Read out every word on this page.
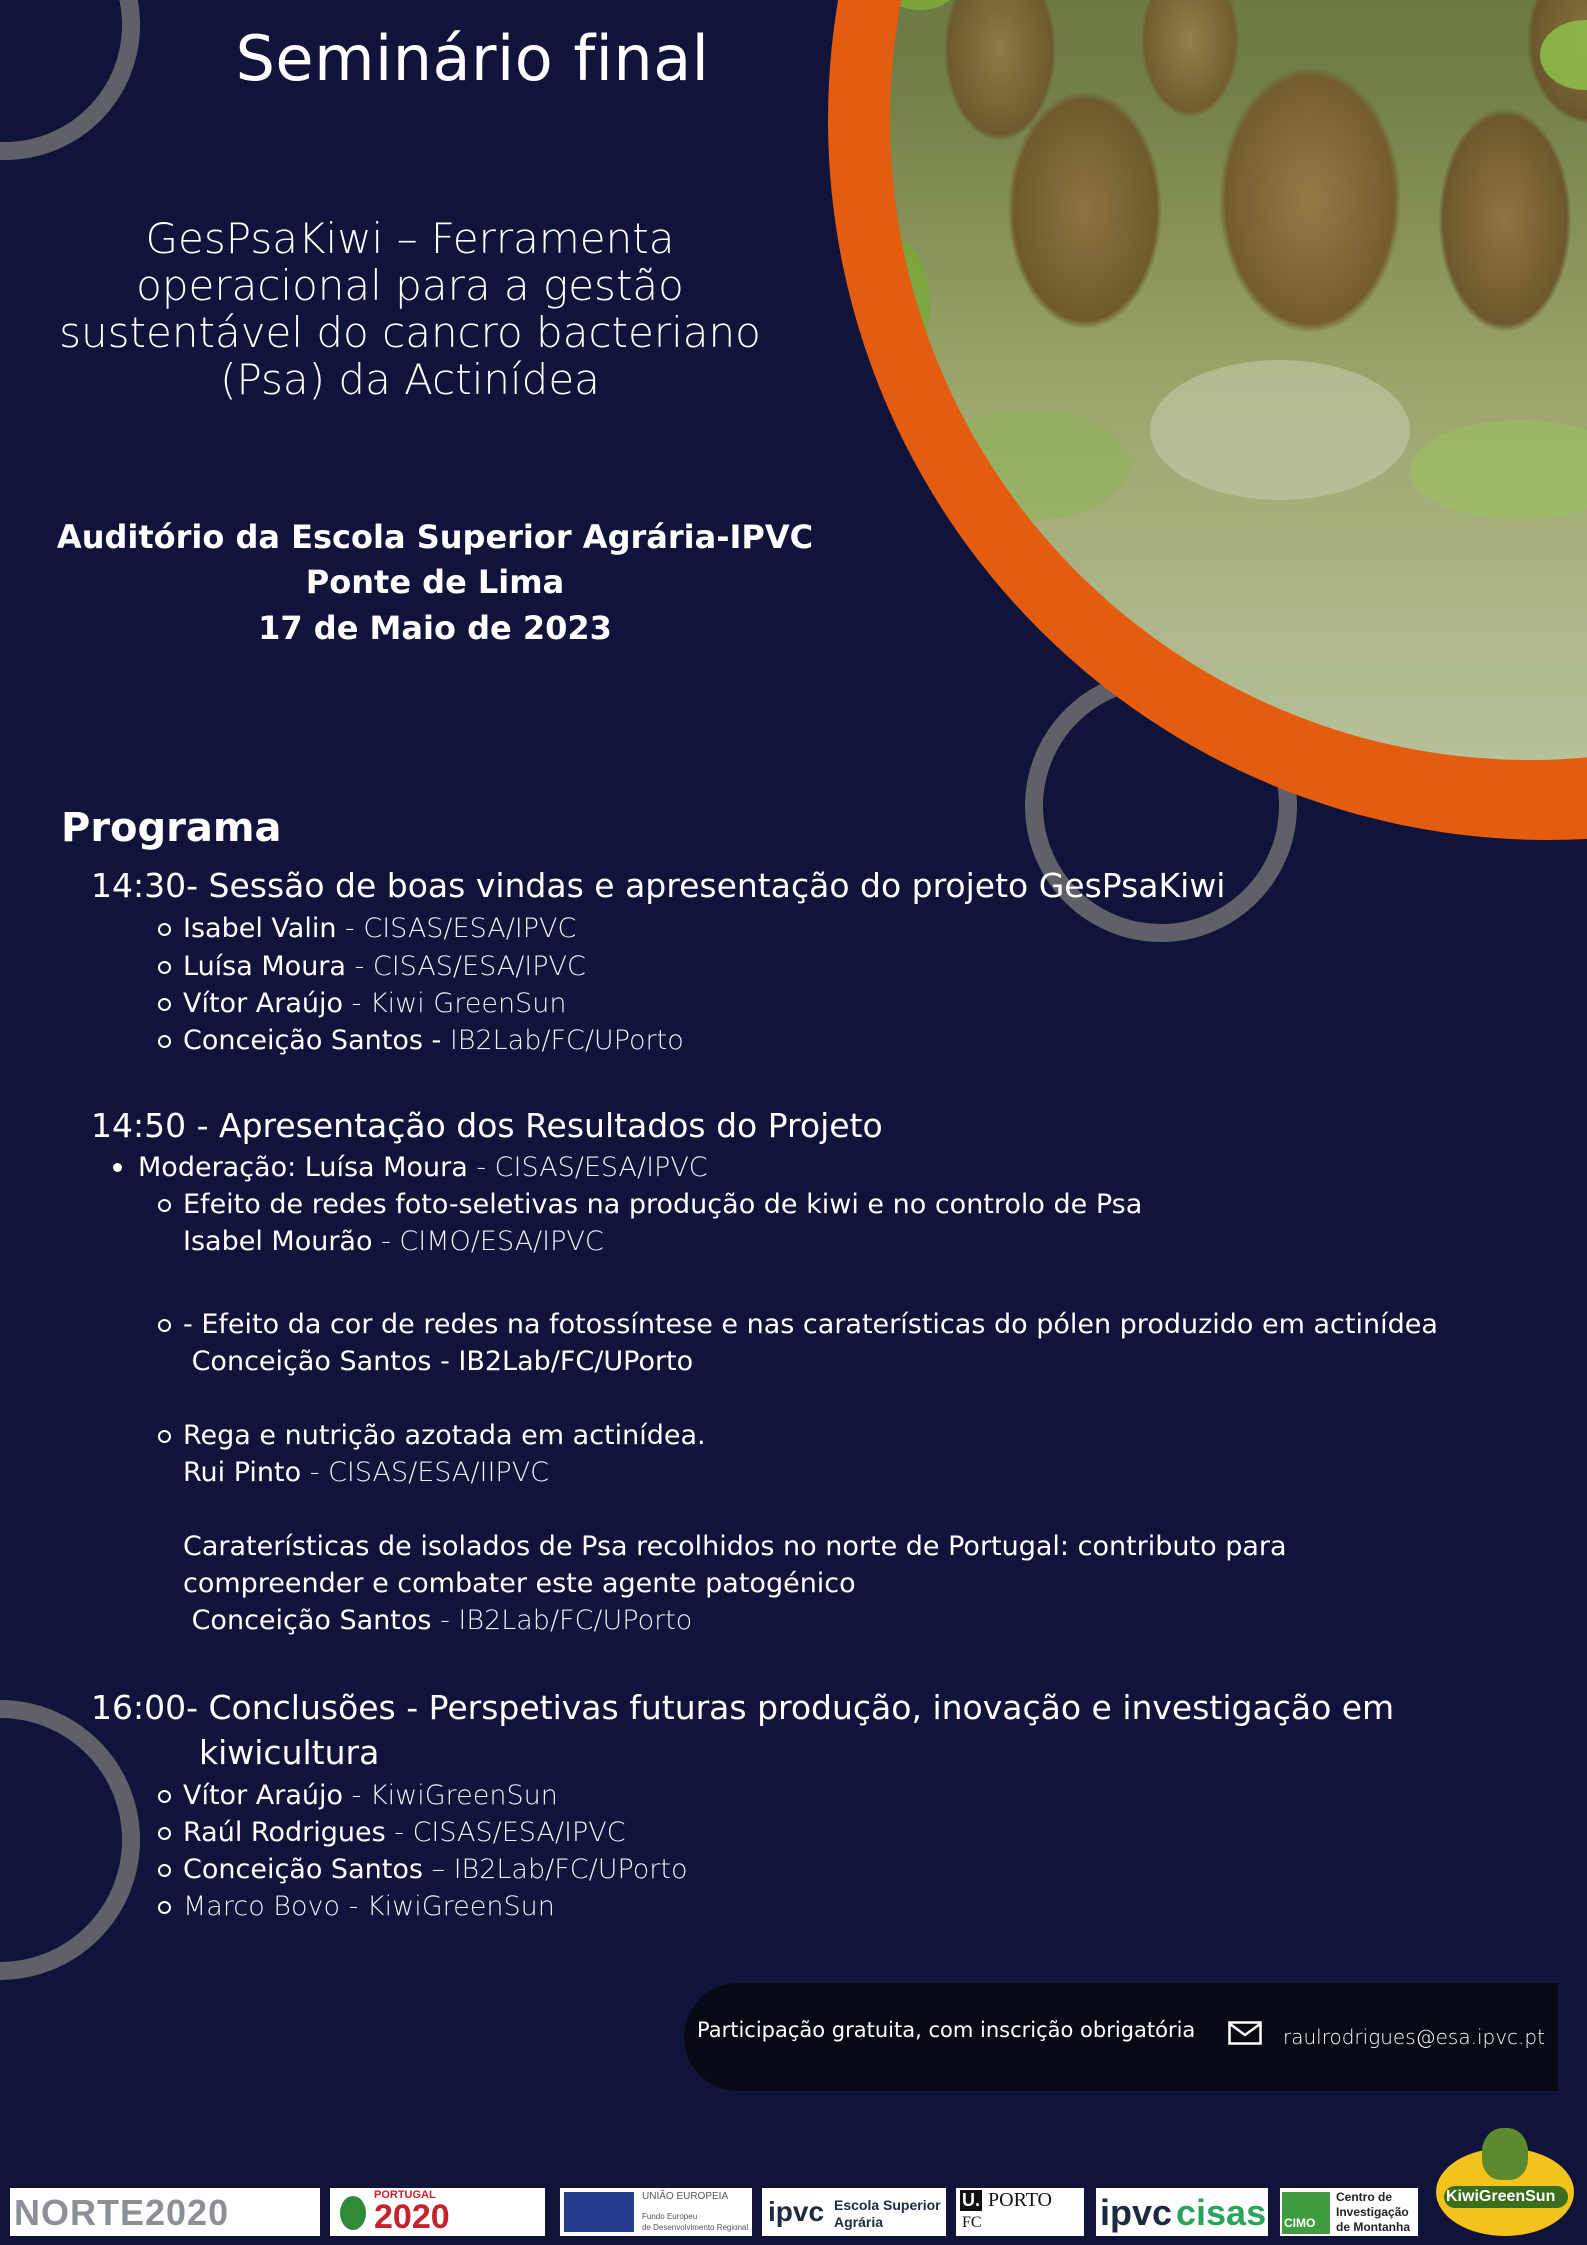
Seminário final
GesPsaKiwi – Ferramenta operacional para a gestão sustentável do cancro bacteriano (Psa) da Actinídea
Auditório da Escola Superior Agrária-IPVC
Ponte de Lima
17 de Maio de 2023
Programa
14:30- Sessão de boas vindas e apresentação do projeto GesPsaKiwi
Isabel Valin - CISAS/ESA/IPVC
Luísa Moura - CISAS/ESA/IPVC
Vítor Araújo - Kiwi GreenSun
Conceição Santos - IB2Lab/FC/UPorto
14:50 - Apresentação dos Resultados do Projeto
Moderação: Luísa Moura - CISAS/ESA/IPVC
Efeito de redes foto-seletivas na produção de kiwi e no controlo de Psa
Isabel Mourão - CIMO/ESA/IPVC
- Efeito da cor de redes na fotossíntese e nas caraterísticas do pólen produzido em actinídea
Conceição Santos - IB2Lab/FC/UPorto
Rega e nutrição azotada em actinídea.
Rui Pinto - CISAS/ESA/IIPVC
Caraterísticas de isolados de Psa recolhidos no norte de Portugal: contributo para
compreender e combater este agente patogénico
Conceição Santos - IB2Lab/FC/UPorto
16:00- Conclusões - Perspetivas futuras produção, inovação e investigação em
kiwicultura
Vítor Araújo - KiwiGreenSun
Raúl Rodrigues - CISAS/ESA/IPVC
Conceição Santos – IB2Lab/FC/UPorto
Marco Bovo - KiwiGreenSun
Participação gratuita, com inscrição obrigatória	raulrodrigues@esa.ipvc.pt
NORTE2020	PORTUGAL
2020
UNIÃO EUROPEIA
Fundo Europeu
de Desenvolvimento Regional
ipvc Escola Superior
Agrária
U. PORTO
FC	ipvc cisas CIMO
Centro de
Investigação
de Montanha
KiwiGreenSun
